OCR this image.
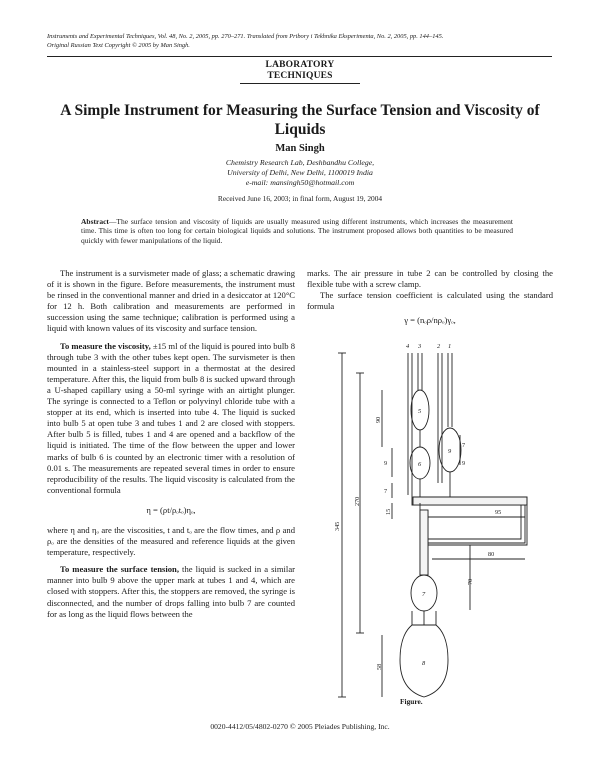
Instruments and Experimental Techniques, Vol. 48, No. 2, 2005, pp. 270–271. Translated from Pribory i Tekhnika Eksperimenta, No. 2, 2005, pp. 144–145.
Original Russian Text Copyright © 2005 by Man Singh.
LABORATORY
TECHNIQUES
A Simple Instrument for Measuring the Surface Tension and Viscosity of Liquids
Man Singh
Chemistry Research Lab, Deshbandhu College,
University of Delhi, New Delhi, 1100019 India
e-mail: mansingh50@hotmail.com
Received June 16, 2003; in final form, August 19, 2004
Abstract—The surface tension and viscosity of liquids are usually measured using different instruments, which increases the measurement time. This time is often too long for certain biological liquids and solutions. The instrument proposed allows both quantities to be measured quickly with fewer manipulations of the liquid.

The instrument is a survismeter made of glass; a schematic drawing of it is shown in the figure. Before measurements, the instrument must be rinsed in the conventional manner and dried in a desiccator at 120°C for 12 h. Both calibration and measurements are performed in succession using the same technique; calibration is performed using a liquid with known values of its viscosity and surface tension.

To measure the viscosity, ±15 ml of the liquid is poured into bulb 8 through tube 3 with the other tubes kept open. The survismeter is then mounted in a stainless-steel support in a thermostat at the desired temperature. After this, the liquid from bulb 8 is sucked upward through a U-shaped capillary using a 50-ml syringe with an airtight plunger. The syringe is connected to a Teflon or polyvinyl chloride tube with a stopper at its end, which is inserted into tube 4. The liquid is sucked into bulb 5 at open tube 3 and tubes 1 and 2 are closed with stoppers. After bulb 5 is filled, tubes 1 and 4 are opened and a backflow of the liquid is initiated. The time of the flow between the upper and lower marks of bulb 6 is counted by an electronic timer with a resolution of 0.01 s. The measurements are repeated several times in order to ensure reproducibility of the results. The liquid viscosity is calculated from the conventional formula

η = (ρt/ρₒtₒ)ηₒ,

where η and ηₒ are the viscosities, t and tₒ are the flow times, and ρ and ρₒ are the densities of the measured and reference liquids at the given temperature, respectively.

To measure the surface tension, the liquid is sucked in a similar manner into bulb 9 above the upper mark at tubes 1 and 4, which are closed with stoppers. After this, the stoppers are removed, the syringe is disconnected, and the number of drops falling into bulb 7 are counted for as long as the liquid flows between the

marks. The air pressure in tube 2 can be controlled by closing the flexible tube with a screw clamp.

The surface tension coefficient is calculated using the standard formula

γ = (nₒρ/nρₒ)γₒ,
4 3 2 1
5
6
9
7
8
345
270
90
9
7
15
7
95
80
70
58
9
Figure.
0020-4412/05/4802-0270 © 2005 Pleiades Publishing, Inc.
